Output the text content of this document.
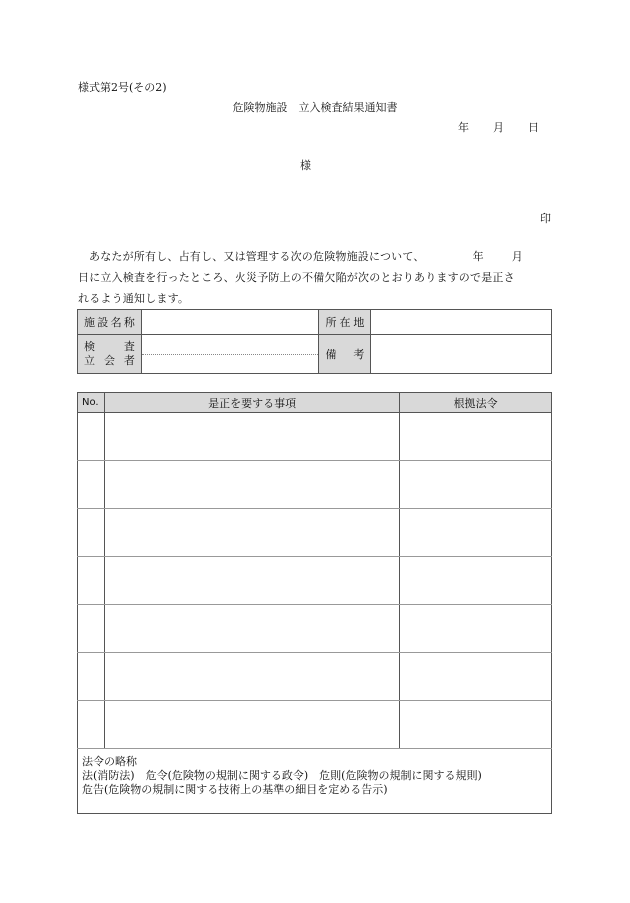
様式第2号(その2)
危険物施設　立入検査結果通知書
年 月 日
様
印
あなたが所有し、占有し、又は管理する次の危険物施設について、	年	月
日に立入検査を行ったところ、火災予防上の不備欠陥が次のとおりありますので是正さ
れるよう通知します。
施設名称		所在地	

検　査
立会者		備　考	

No.	是正を要する事項	根拠法令

法令の略称
法(消防法)　危令(危険物の規制に関する政令)　危則(危険物の規制に関する規則)
危告(危険物の規制に関する技術上の基準の細目を定める告示)		
